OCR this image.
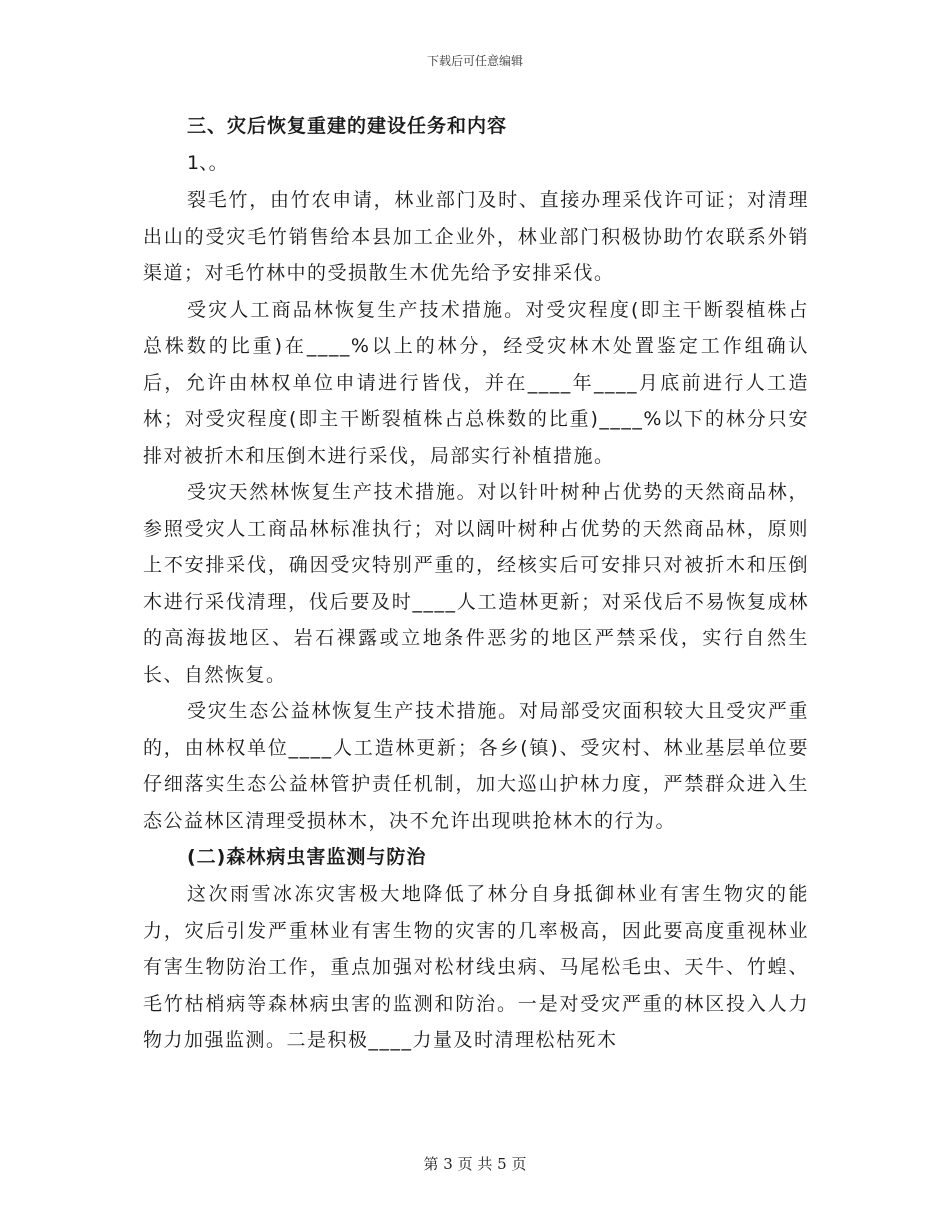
下载后可任意编辑
三、灾后恢复重建的建设任务和内容
1、。

裂毛竹，由竹农申请，林业部门及时、直接办理采伐许可证；对清理出山的受灾毛竹销售给本县加工企业外，林业部门积极协助竹农联系外销渠道；对毛竹林中的受损散生木优先给予安排采伐。

受灾人工商品林恢复生产技术措施。对受灾程度(即主干断裂植株占总株数的比重)在____%以上的林分，经受灾林木处置鉴定工作组确认后，允许由林权单位申请进行皆伐，并在____年____月底前进行人工造林；对受灾程度(即主干断裂植株占总株数的比重)____%以下的林分只安排对被折木和压倒木进行采伐，局部实行补植措施。

受灾天然林恢复生产技术措施。对以针叶树种占优势的天然商品林，参照受灾人工商品林标准执行；对以阔叶树种占优势的天然商品林，原则上不安排采伐，确因受灾特别严重的，经核实后可安排只对被折木和压倒木进行采伐清理，伐后要及时____人工造林更新；对采伐后不易恢复成林的高海拔地区、岩石裸露或立地条件恶劣的地区严禁采伐，实行自然生长、自然恢复。

受灾生态公益林恢复生产技术措施。对局部受灾面积较大且受灾严重的，由林权单位____人工造林更新；各乡(镇)、受灾村、林业基层单位要仔细落实生态公益林管护责任机制，加大巡山护林力度，严禁群众进入生态公益林区清理受损林木，决不允许出现哄抢林木的行为。

(二)森林病虫害监测与防治

这次雨雪冰冻灾害极大地降低了林分自身抵御林业有害生物灾的能力，灾后引发严重林业有害生物的灾害的几率极高，因此要高度重视林业有害生物防治工作，重点加强对松材线虫病、马尾松毛虫、天牛、竹蝗、毛竹枯梢病等森林病虫害的监测和防治。一是对受灾严重的林区投入人力物力加强监测。二是积极____力量及时清理松枯死木

第 3 页 共 5 页
